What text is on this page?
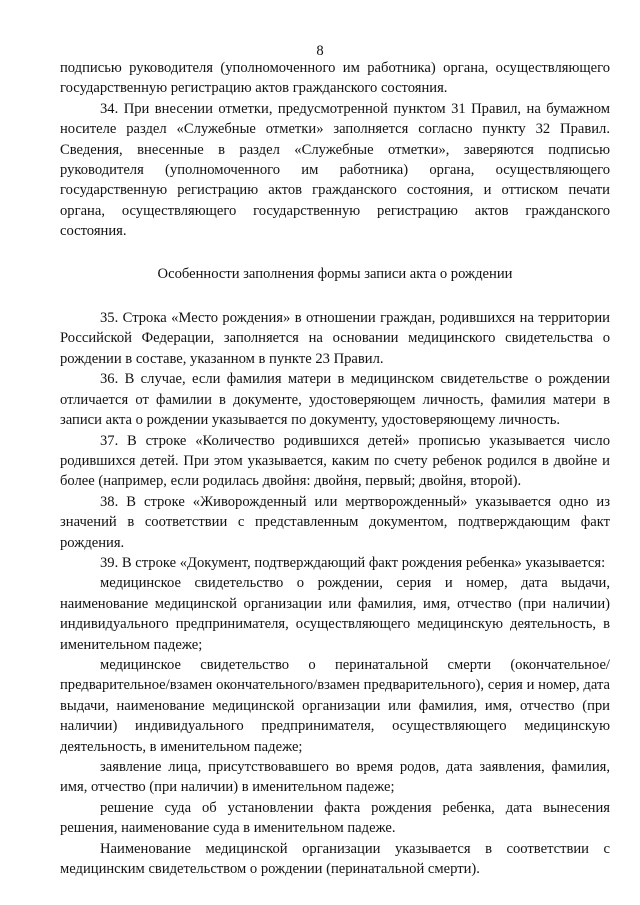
8

подписью руководителя (уполномоченного им работника) органа, осуществляющего государственную регистрацию актов гражданского состояния.

34. При внесении отметки, предусмотренной пунктом 31 Правил, на бумажном носителе раздел «Служебные отметки» заполняется согласно пункту 32 Правил. Сведения, внесенные в раздел «Служебные отметки», заверяются подписью руководителя (уполномоченного им работника) органа, осуществляющего государственную регистрацию актов гражданского состояния, и оттиском печати органа, осуществляющего государственную регистрацию актов гражданского состояния.

Особенности заполнения формы записи акта о рождении

35. Строка «Место рождения» в отношении граждан, родившихся на территории Российской Федерации, заполняется на основании медицинского свидетельства о рождении в составе, указанном в пункте 23 Правил.

36. В случае, если фамилия матери в медицинском свидетельстве о рождении отличается от фамилии в документе, удостоверяющем личность, фамилия матери в записи акта о рождении указывается по документу, удостоверяющему личность.

37. В строке «Количество родившихся детей» прописью указывается число родившихся детей. При этом указывается, каким по счету ребенок родился в двойне и более (например, если родилась двойня: двойня, первый; двойня, второй).

38. В строке «Живорожденный или мертворожденный» указывается одно из значений в соответствии с представленным документом, подтверждающим факт рождения.

39. В строке «Документ, подтверждающий факт рождения ребенка» указывается:

медицинское свидетельство о рождении, серия и номер, дата выдачи, наименование медицинской организации или фамилия, имя, отчество (при наличии) индивидуального предпринимателя, осуществляющего медицинскую деятельность, в именительном падеже;

медицинское свидетельство о перинатальной смерти (окончательное/ предварительное/взамен окончательного/взамен предварительного), серия и номер, дата выдачи, наименование медицинской организации или фамилия, имя, отчество (при наличии) индивидуального предпринимателя, осуществляющего медицинскую деятельность, в именительном падеже;

заявление лица, присутствовавшего во время родов, дата заявления, фамилия, имя, отчество (при наличии) в именительном падеже;

решение суда об установлении факта рождения ребенка, дата вынесения решения, наименование суда в именительном падеже.

Наименование медицинской организации указывается в соответствии с медицинским свидетельством о рождении (перинатальной смерти).
